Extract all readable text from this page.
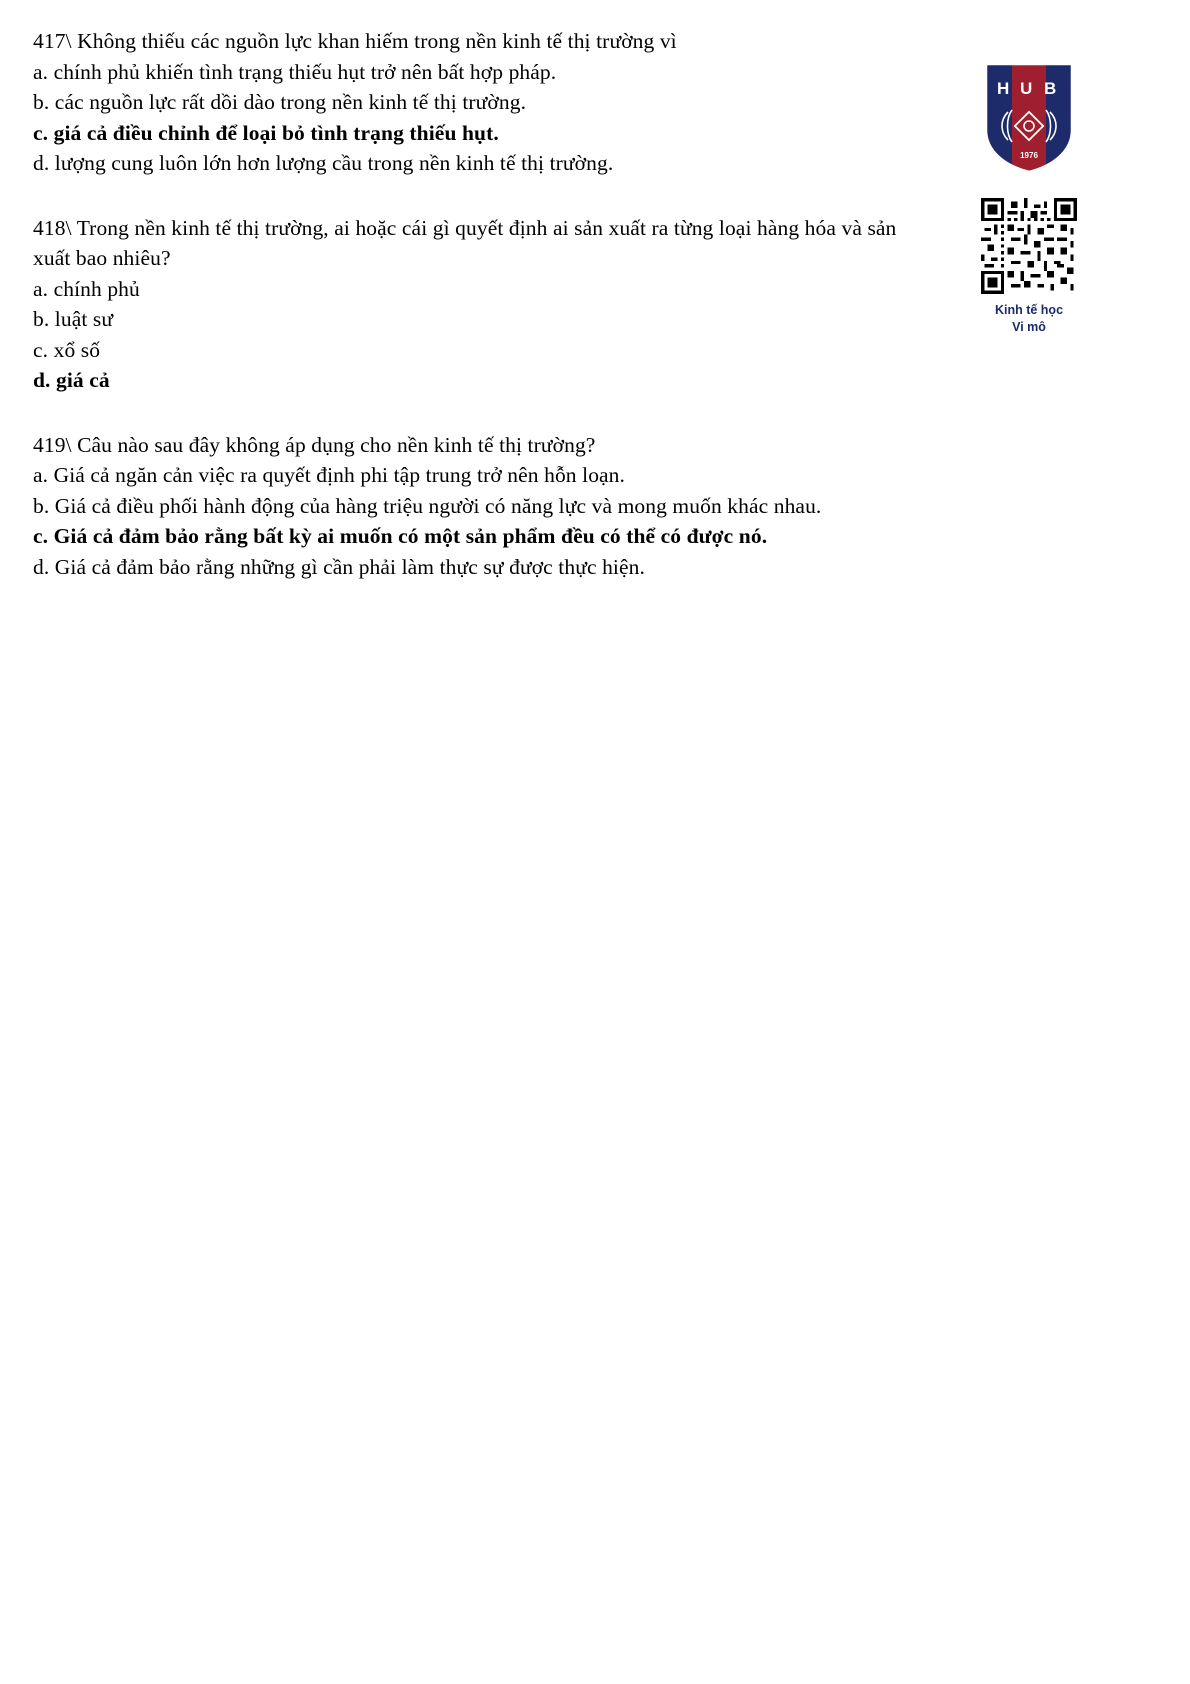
417\ Không thiếu các nguồn lực khan hiếm trong nền kinh tế thị trường vì
a. chính phủ khiến tình trạng thiếu hụt trở nên bất hợp pháp.
b. các nguồn lực rất dồi dào trong nền kinh tế thị trường.
c. giá cả điều chỉnh để loại bỏ tình trạng thiếu hụt.
d. lượng cung luôn lớn hơn lượng cầu trong nền kinh tế thị trường.
418\ Trong nền kinh tế thị trường, ai hoặc cái gì quyết định ai sản xuất ra từng loại hàng hóa và sản xuất bao nhiêu?
a. chính phủ
b. luật sư
c. xổ số
d. giá cả
419\ Câu nào sau đây không áp dụng cho nền kinh tế thị trường?
a. Giá cả ngăn cản việc ra quyết định phi tập trung trở nên hỗn loạn.
b. Giá cả điều phối hành động của hàng triệu người có năng lực và mong muốn khác nhau.
c. Giá cả đảm bảo rằng bất kỳ ai muốn có một sản phẩm đều có thể có được nó.
d. Giá cả đảm bảo rằng những gì cần phải làm thực sự được thực hiện.
H U B
1976
Kinh tế học
Vi mô
